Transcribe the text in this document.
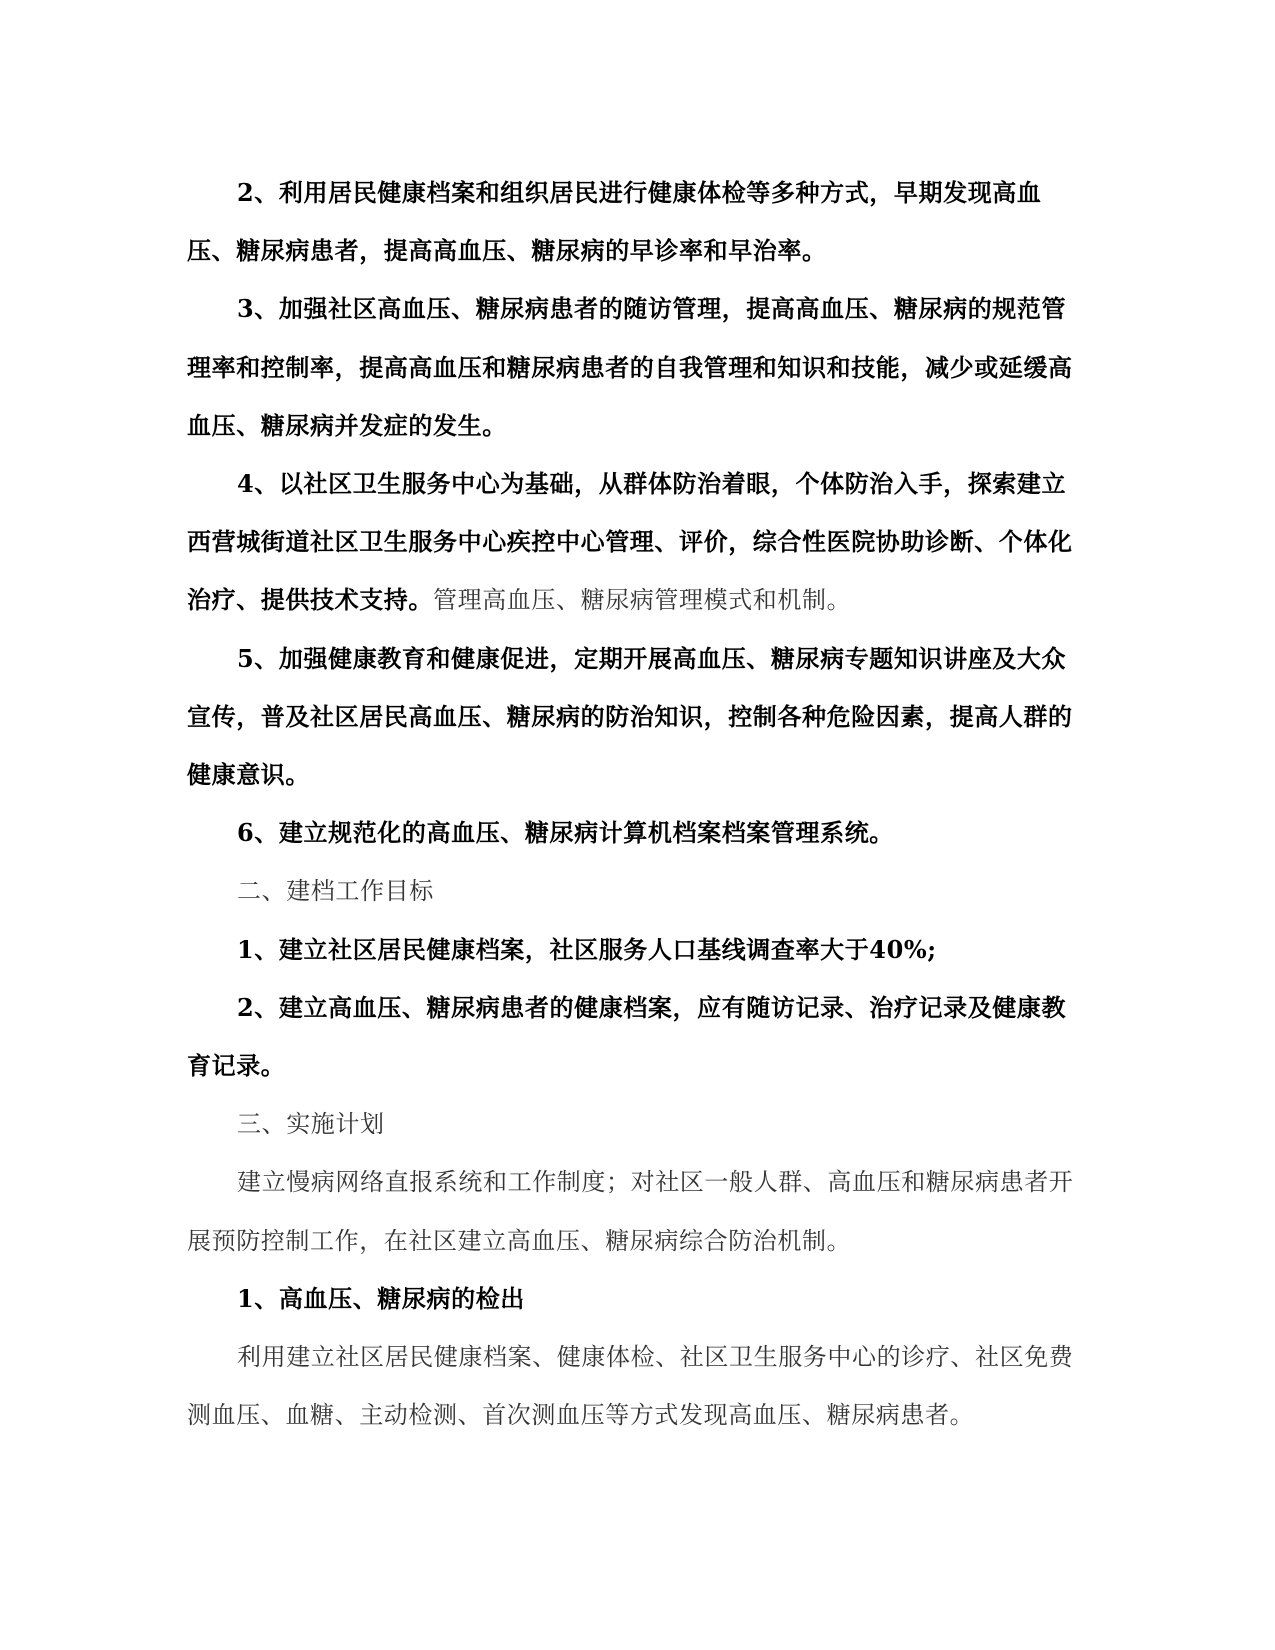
2、利用居民健康档案和组织居民进行健康体检等多种方式，早期发现高血压、糖尿病患者，提高高血压、糖尿病的早诊率和早治率。

3、加强社区高血压、糖尿病患者的随访管理，提高高血压、糖尿病的规范管理率和控制率，提高高血压和糖尿病患者的自我管理和知识和技能，减少或延缓高血压、糖尿病并发症的发生。

4、以社区卫生服务中心为基础，从群体防治着眼，个体防治入手，探索建立西营城街道社区卫生服务中心疾控中心管理、评价，综合性医院协助诊断、个体化治疗、提供技术支持。管理高血压、糖尿病管理模式和机制。

5、加强健康教育和健康促进，定期开展高血压、糖尿病专题知识讲座及大众宣传，普及社区居民高血压、糖尿病的防治知识，控制各种危险因素，提高人群的健康意识。

6、建立规范化的高血压、糖尿病计算机档案档案管理系统。

二、建档工作目标

1、建立社区居民健康档案，社区服务人口基线调查率大于40%;

2、建立高血压、糖尿病患者的健康档案，应有随访记录、治疗记录及健康教育记录。

三、实施计划

建立慢病网络直报系统和工作制度；对社区一般人群、高血压和糖尿病患者开展预防控制工作，在社区建立高血压、糖尿病综合防治机制。

1、高血压、糖尿病的检出

利用建立社区居民健康档案、健康体检、社区卫生服务中心的诊疗、社区免费测血压、血糖、主动检测、首次测血压等方式发现高血压、糖尿病患者。
